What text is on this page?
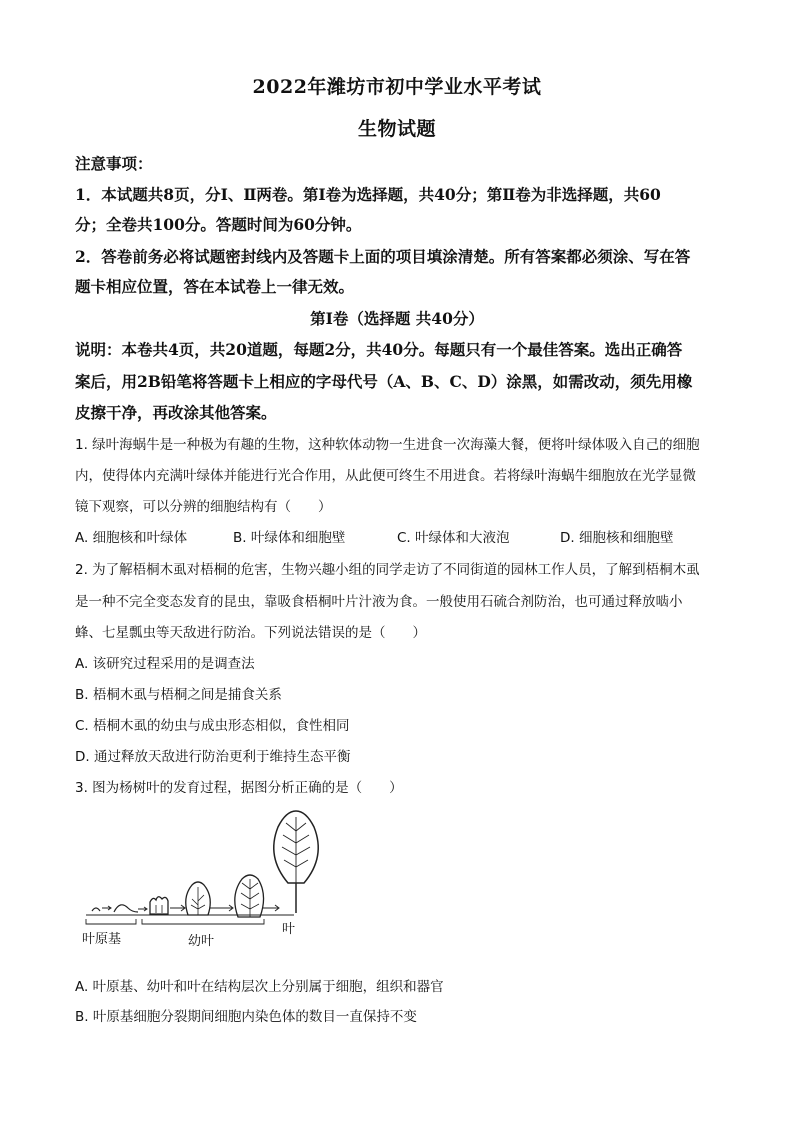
2022年潍坊市初中学业水平考试
生物试题
注意事项：
1．本试题共8页，分Ⅰ、Ⅱ两卷。第Ⅰ卷为选择题，共40分；第Ⅱ卷为非选择题，共60
分；全卷共100分。答题时间为60分钟。
2．答卷前务必将试题密封线内及答题卡上面的项目填涂清楚。所有答案都必须涂、写在答
题卡相应位置，答在本试卷上一律无效。
第Ⅰ卷（选择题 共40分）
说明：本卷共4页，共20道题，每题2分，共40分。每题只有一个最佳答案。选出正确答
案后，用2B铅笔将答题卡上相应的字母代号（A、B、C、D）涂黑，如需改动，须先用橡
皮擦干净，再改涂其他答案。
1. 绿叶海蜗牛是一种极为有趣的生物，这种软体动物一生进食一次海藻大餐，便将叶绿体吸入自己的细胞
内，使得体内充满叶绿体并能进行光合作用，从此便可终生不用进食。若将绿叶海蜗牛细胞放在光学显微
镜下观察，可以分辨的细胞结构有（　　）
A. 细胞核和叶绿体	B. 叶绿体和细胞壁	C. 叶绿体和大液泡	D. 细胞核和细胞壁
2. 为了解梧桐木虱对梧桐的危害，生物兴趣小组的同学走访了不同街道的园林工作人员，了解到梧桐木虱
是一种不完全变态发育的昆虫，靠吸食梧桐叶片汁液为食。一般使用石硫合剂防治，也可通过释放啮小
蜂、七星瓢虫等天敌进行防治。下列说法错误的是（　　）
A. 该研究过程采用的是调查法
B. 梧桐木虱与梧桐之间是捕食关系
C. 梧桐木虱的幼虫与成虫形态相似，食性相同
D. 通过释放天敌进行防治更利于维持生态平衡
3. 图为杨树叶的发育过程，据图分析正确的是（　　）
叶原基	幼叶
叶
A. 叶原基、幼叶和叶在结构层次上分别属于细胞，组织和器官
B. 叶原基细胞分裂期间细胞内染色体的数目一直保持不变
